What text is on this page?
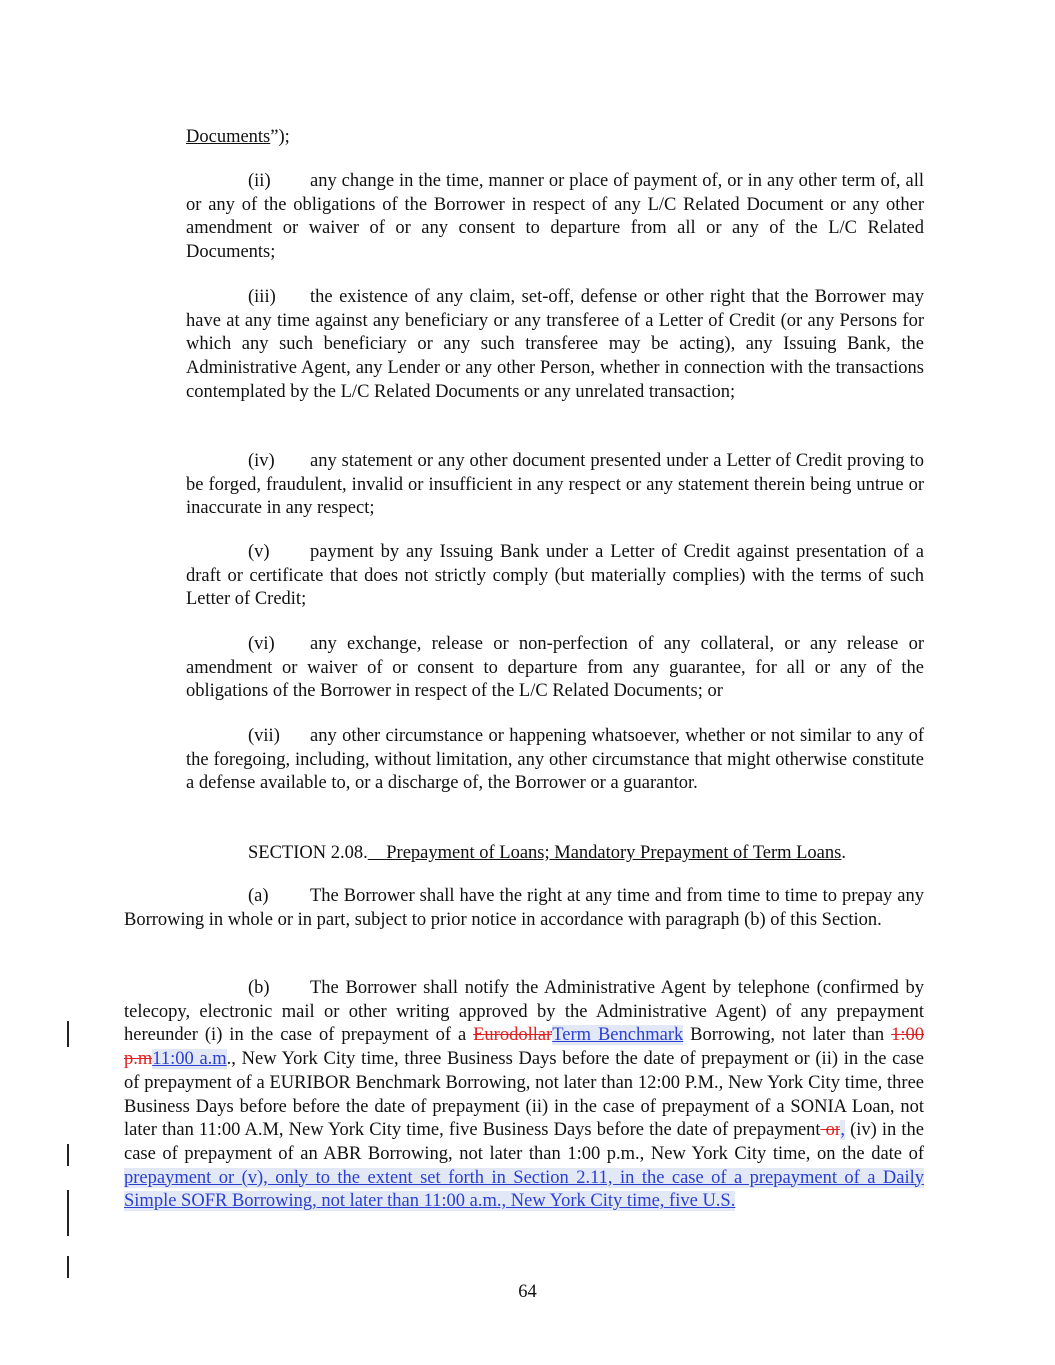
Documents”);

(ii) any change in the time, manner or place of payment of, or in any other term of, all or any of the obligations of the Borrower in respect of any L/C Related Document or any other amendment or waiver of or any consent to departure from all or any of the L/C Related Documents;

(iii) the existence of any claim, set-off, defense or other right that the Borrower may have at any time against any beneficiary or any transferee of a Letter of Credit (or any Persons for which any such beneficiary or any such transferee may be acting), any Issuing Bank, the Administrative Agent, any Lender or any other Person, whether in connection with the transactions contemplated by the L/C Related Documents or any unrelated transaction;

(iv) any statement or any other document presented under a Letter of Credit proving to be forged, fraudulent, invalid or insufficient in any respect or any statement therein being untrue or inaccurate in any respect;

(v) payment by any Issuing Bank under a Letter of Credit against presentation of a draft or certificate that does not strictly comply (but materially complies) with the terms of such Letter of Credit;

(vi) any exchange, release or non-perfection of any collateral, or any release or amendment or waiver of or consent to departure from any guarantee, for all or any of the obligations of the Borrower in respect of the L/C Related Documents; or

(vii) any other circumstance or happening whatsoever, whether or not similar to any of the foregoing, including, without limitation, any other circumstance that might otherwise constitute a defense available to, or a discharge of, the Borrower or a guarantor.

SECTION 2.08. Prepayment of Loans; Mandatory Prepayment of Term Loans.

(a) The Borrower shall have the right at any time and from time to time to prepay any Borrowing in whole or in part, subject to prior notice in accordance with paragraph (b) of this Section.

(b) The Borrower shall notify the Administrative Agent by telephone (confirmed by telecopy, electronic mail or other writing approved by the Administrative Agent) of any prepayment hereunder (i) in the case of prepayment of a EurodollarTerm Benchmark Borrowing, not later than 1:00 p.m11:00 a.m., New York City time, three Business Days before the date of prepayment or (ii) in the case of prepayment of a EURIBOR Benchmark Borrowing, not later than 12:00 P.M., New York City time, three Business Days before before the date of prepayment (ii) in the case of prepayment of a SONIA Loan, not later than 11:00 A.M, New York City time, five Business Days before the date of prepayment or, (iv) in the case of prepayment of an ABR Borrowing, not later than 1:00 p.m., New York City time, on the date of prepayment or (v), only to the extent set forth in Section 2.11, in the case of a prepayment of a Daily Simple SOFR Borrowing, not later than 11:00 a.m., New York City time, five U.S.

64
